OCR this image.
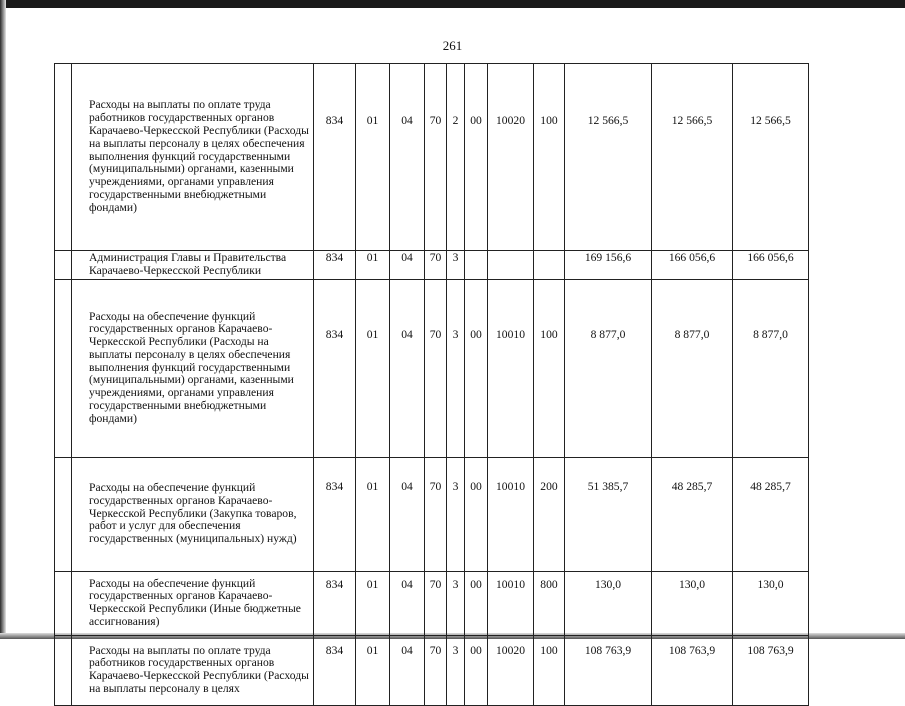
261
	Расходы на выплаты по оплате труда работников государственных органов Карачаево-Черкесской Республики (Расходы на выплаты персоналу в целях обеспечения выполнения функций государственными (муниципальными) органами, казенными учреждениями, органами управления государственными внебюджетными фондами)	834	01	04	70	2	00	10020	100	12 566,5	12 566,5	12 566,5
	Администрация Главы и Правительства Карачаево-Черкесской Республики	834	01	04	70	3				169 156,6	166 056,6	166 056,6
	Расходы на обеспечение функций государственных органов Карачаево-Черкесской Республики (Расходы на выплаты персоналу в целях обеспечения выполнения функций государственными (муниципальными) органами, казенными учреждениями, органами управления государственными внебюджетными фондами)	834	01	04	70	3	00	10010	100	8 877,0	8 877,0	8 877,0
	Расходы на обеспечение функций государственных органов Карачаево-Черкесской Республики (Закупка товаров, работ и услуг для обеспечения государственных (муниципальных) нужд)	834	01	04	70	3	00	10010	200	51 385,7	48 285,7	48 285,7
	Расходы на обеспечение функций государственных органов Карачаево-Черкесской Республики (Иные бюджетные ассигнования)	834	01	04	70	3	00	10010	800	130,0	130,0	130,0
	Расходы на выплаты по оплате труда работников государственных органов Карачаево-Черкесской Республики (Расходы на выплаты персоналу в целях	834	01	04	70	3	00	10020	100	108 763,9	108 763,9	108 763,9
